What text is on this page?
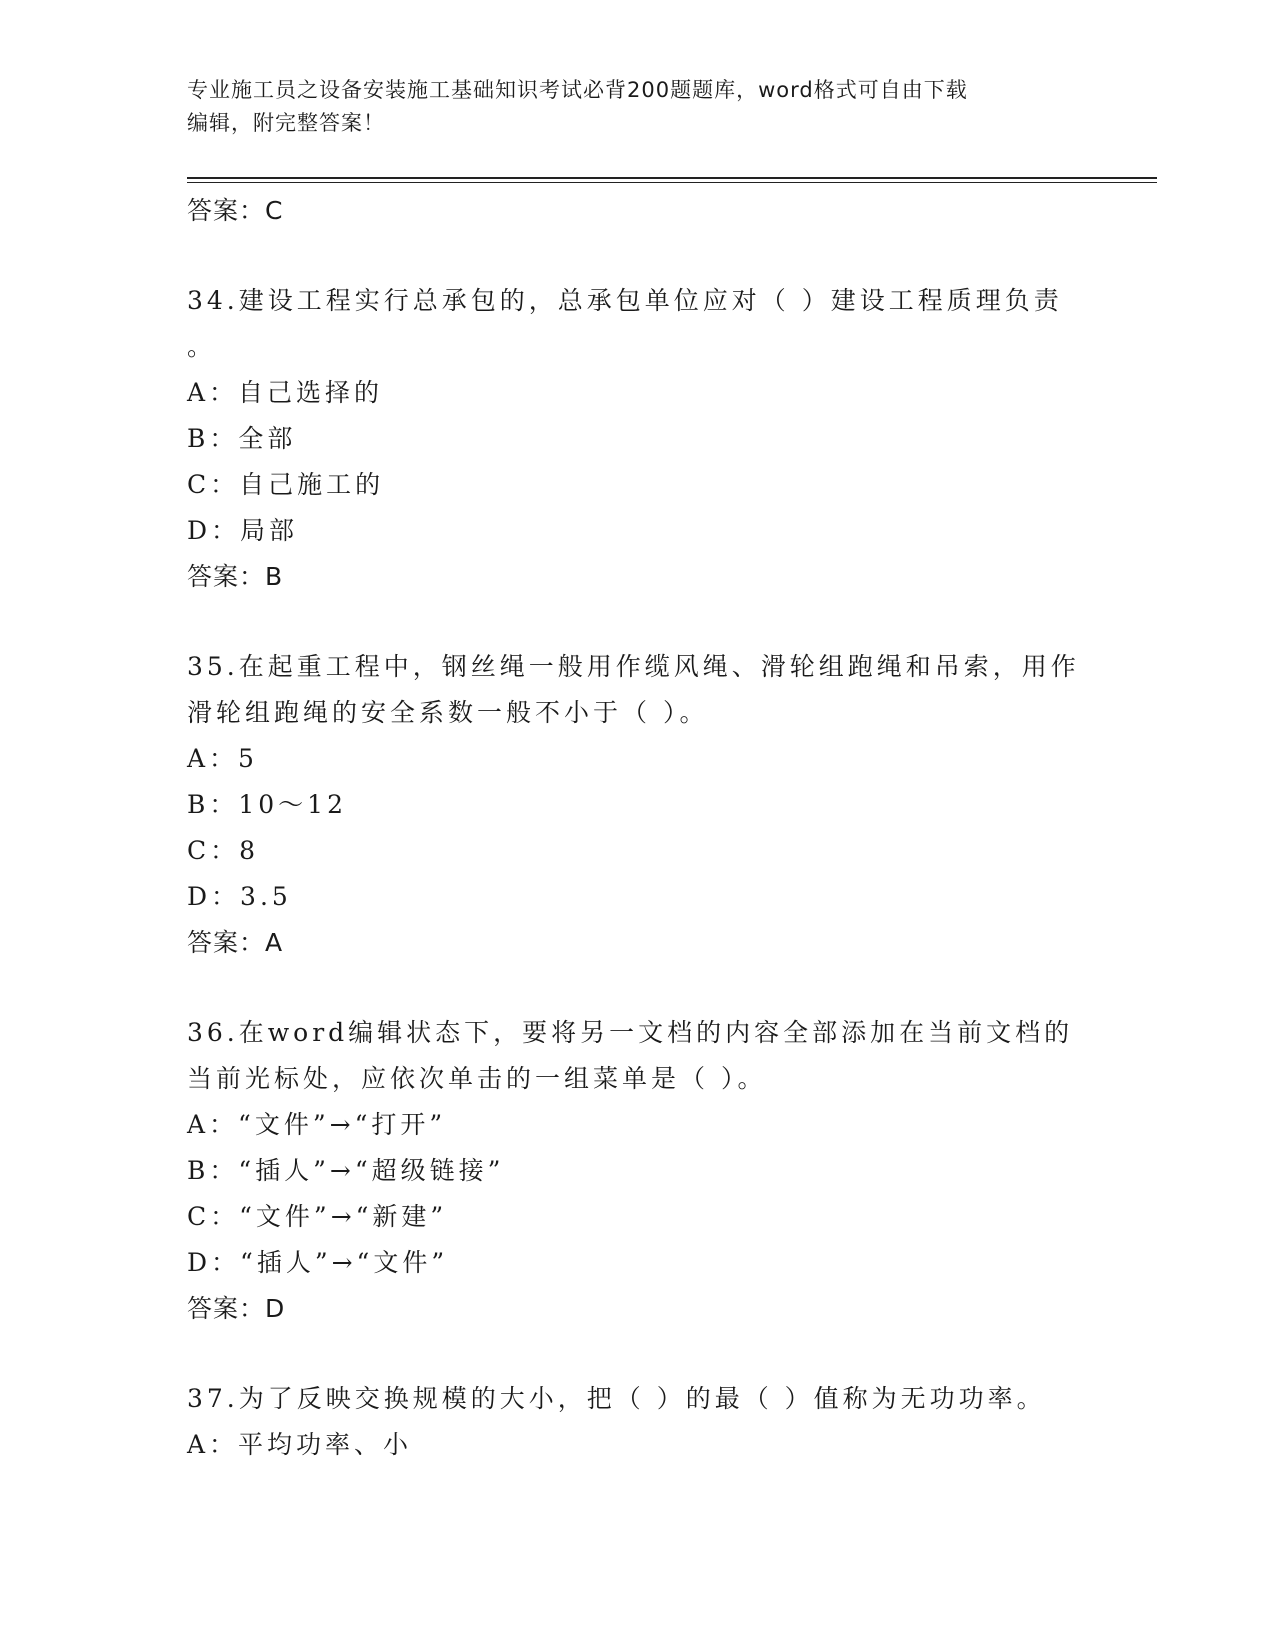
专业施工员之设备安装施工基础知识考试必背200题题库，word格式可自由下载
编辑，附完整答案！
答案：C
34.建设工程实行总承包的，总承包单位应对（ ）建设工程质理负责
。
A：自己选择的
B：全部
C：自己施工的
D：局部
答案：B
35.在起重工程中，钢丝绳一般用作缆风绳、滑轮组跑绳和吊索，用作
滑轮组跑绳的安全系数一般不小于（ ）。
A：5
B：10～12
C：8
D：3.5
答案：A
36.在word编辑状态下，要将另一文档的内容全部添加在当前文档的
当前光标处，应依次单击的一组菜单是（ ）。
A：“文件”→“打开”
B：“插人”→“超级链接”
C：“文件”→“新建”
D：“插人”→“文件”
答案：D
37.为了反映交换规模的大小，把（ ）的最（ ）值称为无功功率。
A：平均功率、小
